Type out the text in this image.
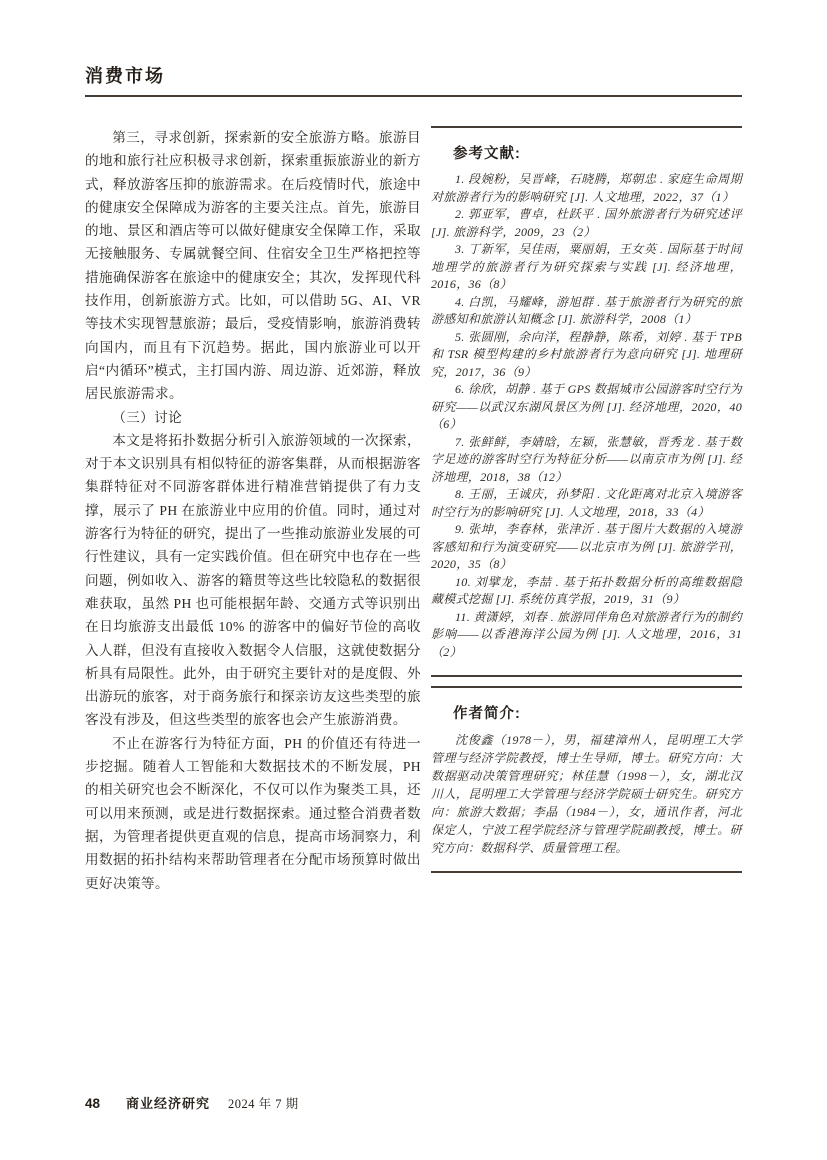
消费市场

第三，寻求创新，探索新的安全旅游方略。旅游目的地和旅行社应积极寻求创新，探索重振旅游业的新方式，释放游客压抑的旅游需求。在后疫情时代，旅途中的健康安全保障成为游客的主要关注点。首先，旅游目的地、景区和酒店等可以做好健康安全保障工作，采取无接触服务、专属就餐空间、住宿安全卫生严格把控等措施确保游客在旅途中的健康安全；其次，发挥现代科技作用，创新旅游方式。比如，可以借助 5G、AI、VR 等技术实现智慧旅游；最后，受疫情影响，旅游消费转向国内，而且有下沉趋势。据此，国内旅游业可以开启“内循环”模式，主打国内游、周边游、近郊游，释放居民旅游需求。

（三）讨论

本文是将拓扑数据分析引入旅游领域的一次探索，对于本文识别具有相似特征的游客集群，从而根据游客集群特征对不同游客群体进行精准营销提供了有力支撑，展示了 PH 在旅游业中应用的价值。同时，通过对游客行为特征的研究，提出了一些推动旅游业发展的可行性建议，具有一定实践价值。但在研究中也存在一些问题，例如收入、游客的籍贯等这些比较隐私的数据很难获取，虽然 PH 也可能根据年龄、交通方式等识别出在日均旅游支出最低 10% 的游客中的偏好节俭的高收入人群，但没有直接收入数据令人信服，这就使数据分析具有局限性。此外，由于研究主要针对的是度假、外出游玩的旅客，对于商务旅行和探亲访友这些类型的旅客没有涉及，但这些类型的旅客也会产生旅游消费。

不止在游客行为特征方面，PH 的价值还有待进一步挖掘。随着人工智能和大数据技术的不断发展，PH 的相关研究也会不断深化，不仅可以作为聚类工具，还可以用来预测，或是进行数据探索。通过整合消费者数据，为管理者提供更直观的信息，提高市场洞察力，利用数据的拓扑结构来帮助管理者在分配市场预算时做出更好决策等。

参考文献:

1. 段婉粉，吴晋峰，石晓腾，郑朝忠 . 家庭生命周期对旅游者行为的影响研究 [J]. 人文地理，2022，37（1）

2. 郭亚军，曹卓，杜跃平 . 国外旅游者行为研究述评 [J]. 旅游科学，2009，23（2）

3. 丁新军，吴佳雨，粟丽娟，王女英 . 国际基于时间地理学的旅游者行为研究探索与实践 [J]. 经济地理，2016，36（8）

4. 白凯，马耀峰，游旭群 . 基于旅游者行为研究的旅游感知和旅游认知概念 [J]. 旅游科学，2008（1）

5. 张圆刚，余向洋，程静静，陈希，刘婷 . 基于 TPB 和 TSR 模型构建的乡村旅游者行为意向研究 [J]. 地理研究，2017，36（9）

6. 徐欣，胡静 . 基于 GPS 数据城市公园游客时空行为研究——以武汉东湖风景区为例 [J]. 经济地理，2020，40（6）

7. 张鲜鲜，李婧晗，左颖，张慧敏，晋秀龙 . 基于数字足迹的游客时空行为特征分析——以南京市为例 [J]. 经济地理，2018，38（12）

8. 王丽，王诚庆，孙梦阳 . 文化距离对北京入境游客时空行为的影响研究 [J]. 人文地理，2018，33（4）

9. 张坤，李春林，张津沂 . 基于图片大数据的入境游客感知和行为演变研究——以北京市为例 [J]. 旅游学刊，2020，35（8）

10. 刘擘龙，李喆 . 基于拓扑数据分析的高维数据隐藏模式挖掘 [J]. 系统仿真学报，2019，31（9）

11. 黄潇婷，刘春 . 旅游同伴角色对旅游者行为的制约影响——以香港海洋公园为例 [J]. 人文地理，2016，31（2）

作者简介:

沈俊鑫（1978－），男，福建漳州人，昆明理工大学管理与经济学院教授，博士生导师，博士。研究方向：大数据驱动决策管理研究；林佳慧（1998－），女，湖北汉川人，昆明理工大学管理与经济学院硕士研究生。研究方向：旅游大数据；李晶（1984－），女，通讯作者，河北保定人，宁波工程学院经济与管理学院副教授，博士。研究方向：数据科学、质量管理工程。

48 商业经济研究 2024 年 7 期
